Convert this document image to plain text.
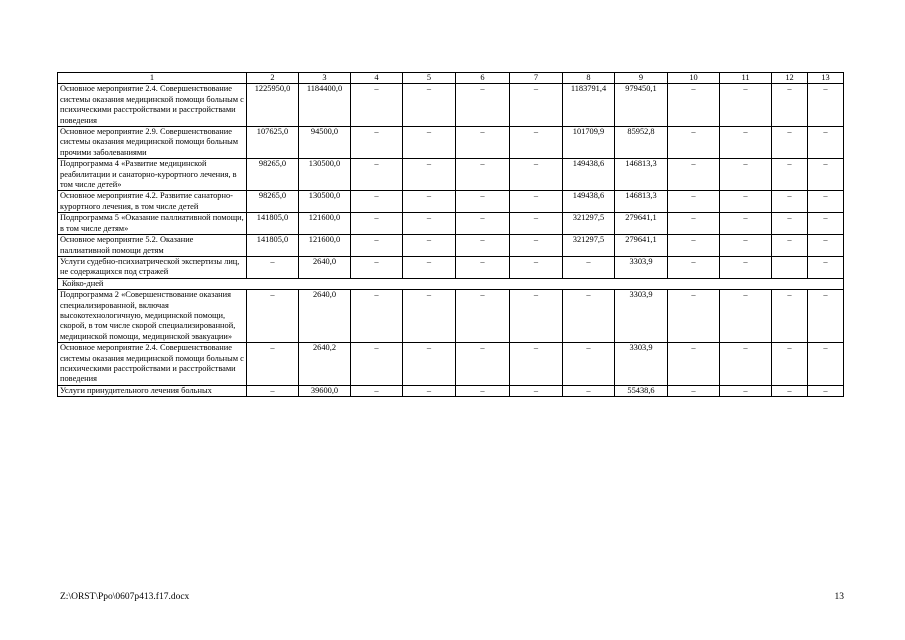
1	2	3	4	5	6	7	8	9	10	11	12	13
Основное мероприятие 2.4. Совершенствование системы оказания медицинской помощи больным с психическими расстройствами и расстройствами поведения	1225950,0	1184400,0	–	–	–	–	1183791,4	979450,1	–	–	–	–
Основное мероприятие 2.9. Совершенствование системы оказания медицинской помощи больным прочими заболеваниями	107625,0	94500,0	–	–	–	–	101709,9	85952,8	–	–	–	–
Подпрограмма 4 «Развитие медицинской реабилитации и санаторно-курортного лечения, в том числе детей»	98265,0	130500,0	–	–	–	–	149438,6	146813,3	–	–	–	–
Основное мероприятие 4.2. Развитие санаторно-курортного лечения, в том числе детей	98265,0	130500,0	–	–	–	–	149438,6	146813,3	–	–	–	–
Подпрограмма 5 «Оказание паллиативной помощи, в том числе детям»	141805,0	121600,0	–	–	–	–	321297,5	279641,1	–	–	–	–
Основное мероприятие 5.2. Оказание паллиативной помощи детям	141805,0	121600,0	–	–	–	–	321297,5	279641,1	–	–	–	–
Услуги судебно-психиатрической экспертизы лиц, не содержащихся под стражей	–	2640,0	–	–	–	–	–	3303,9	–	–		–
Койко-дней												
Подпрограмма 2 «Совершенствование оказания специализированной, включая высокотехнологичную, медицинской помощи, скорой, в том числе скорой специализированной, медицинской помощи, медицинской эвакуации»	–	2640,0	–	–	–	–	–	3303,9	–	–	–	–
Основное мероприятие 2.4. Совершенствование системы оказания медицинской помощи больным с психическими расстройствами и расстройствами поведения	–	2640,2	–	–	–	–	–	3303,9	–	–	–	–
Услуги принудительного лечения больных	–	39600,0	–	–	–	–	–	55438,6	–	–	–	–
Z:\ORST\Ppo\0607p413.f17.docx	13
